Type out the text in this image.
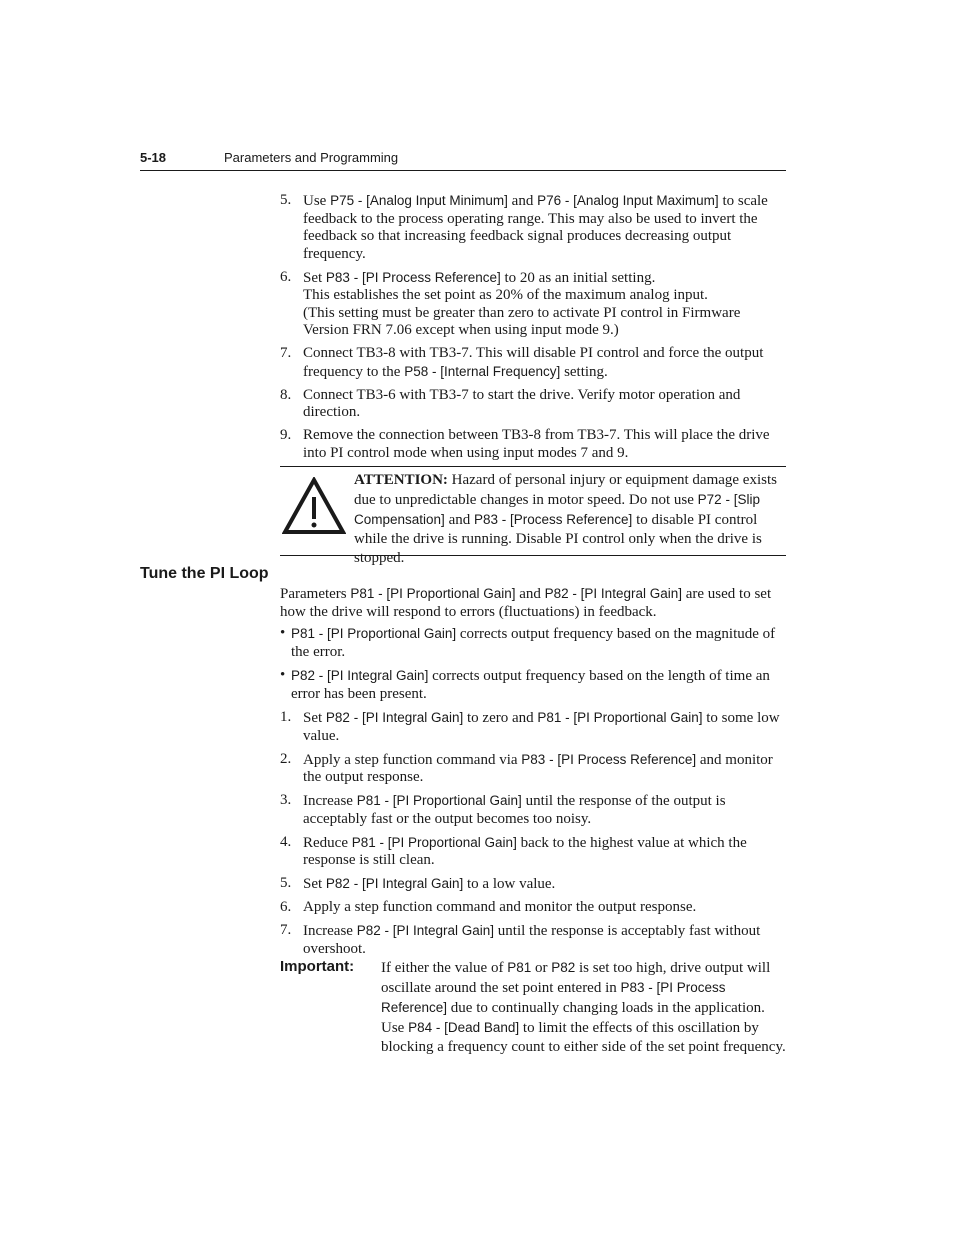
5-18	Parameters and Programming
5. Use P75 - [Analog Input Minimum] and P76 - [Analog Input Maximum] to scale feedback to the process operating range. This may also be used to invert the feedback so that increasing feedback signal produces decreasing output frequency.
6. Set P83 - [PI Process Reference] to 20 as an initial setting.
This establishes the set point as 20% of the maximum analog input.
(This setting must be greater than zero to activate PI control in Firmware Version FRN 7.06 except when using input mode 9.)
7. Connect TB3-8 with TB3-7. This will disable PI control and force the output frequency to the P58 - [Internal Frequency] setting.
8. Connect TB3-6 with TB3-7 to start the drive. Verify motor operation and direction.
9. Remove the connection between TB3-8 from TB3-7. This will place the drive into PI control mode when using input modes 7 and 9.
ATTENTION: Hazard of personal injury or equipment damage exists due to unpredictable changes in motor speed. Do not use P72 - [Slip Compensation] and P83 - [Process Reference] to disable PI control while the drive is running. Disable PI control only when the drive is stopped.
Tune the PI Loop
Parameters P81 - [PI Proportional Gain] and P82 - [PI Integral Gain] are used to set how the drive will respond to errors (fluctuations) in feedback.
• P81 - [PI Proportional Gain] corrects output frequency based on the magnitude of the error.
• P82 - [PI Integral Gain] corrects output frequency based on the length of time an error has been present.
1. Set P82 - [PI Integral Gain] to zero and P81 - [PI Proportional Gain] to some low value.
2. Apply a step function command via P83 - [PI Process Reference] and monitor the output response.
3. Increase P81 - [PI Proportional Gain] until the response of the output is acceptably fast or the output becomes too noisy.
4. Reduce P81 - [PI Proportional Gain] back to the highest value at which the response is still clean.
5. Set P82 - [PI Integral Gain] to a low value.
6. Apply a step function command and monitor the output response.
7. Increase P82 - [PI Integral Gain] until the response is acceptably fast without overshoot.
Important: If either the value of P81 or P82 is set too high, drive output will oscillate around the set point entered in P83 - [PI Process Reference] due to continually changing loads in the application. Use P84 - [Dead Band] to limit the effects of this oscillation by blocking a frequency count to either side of the set point frequency.
